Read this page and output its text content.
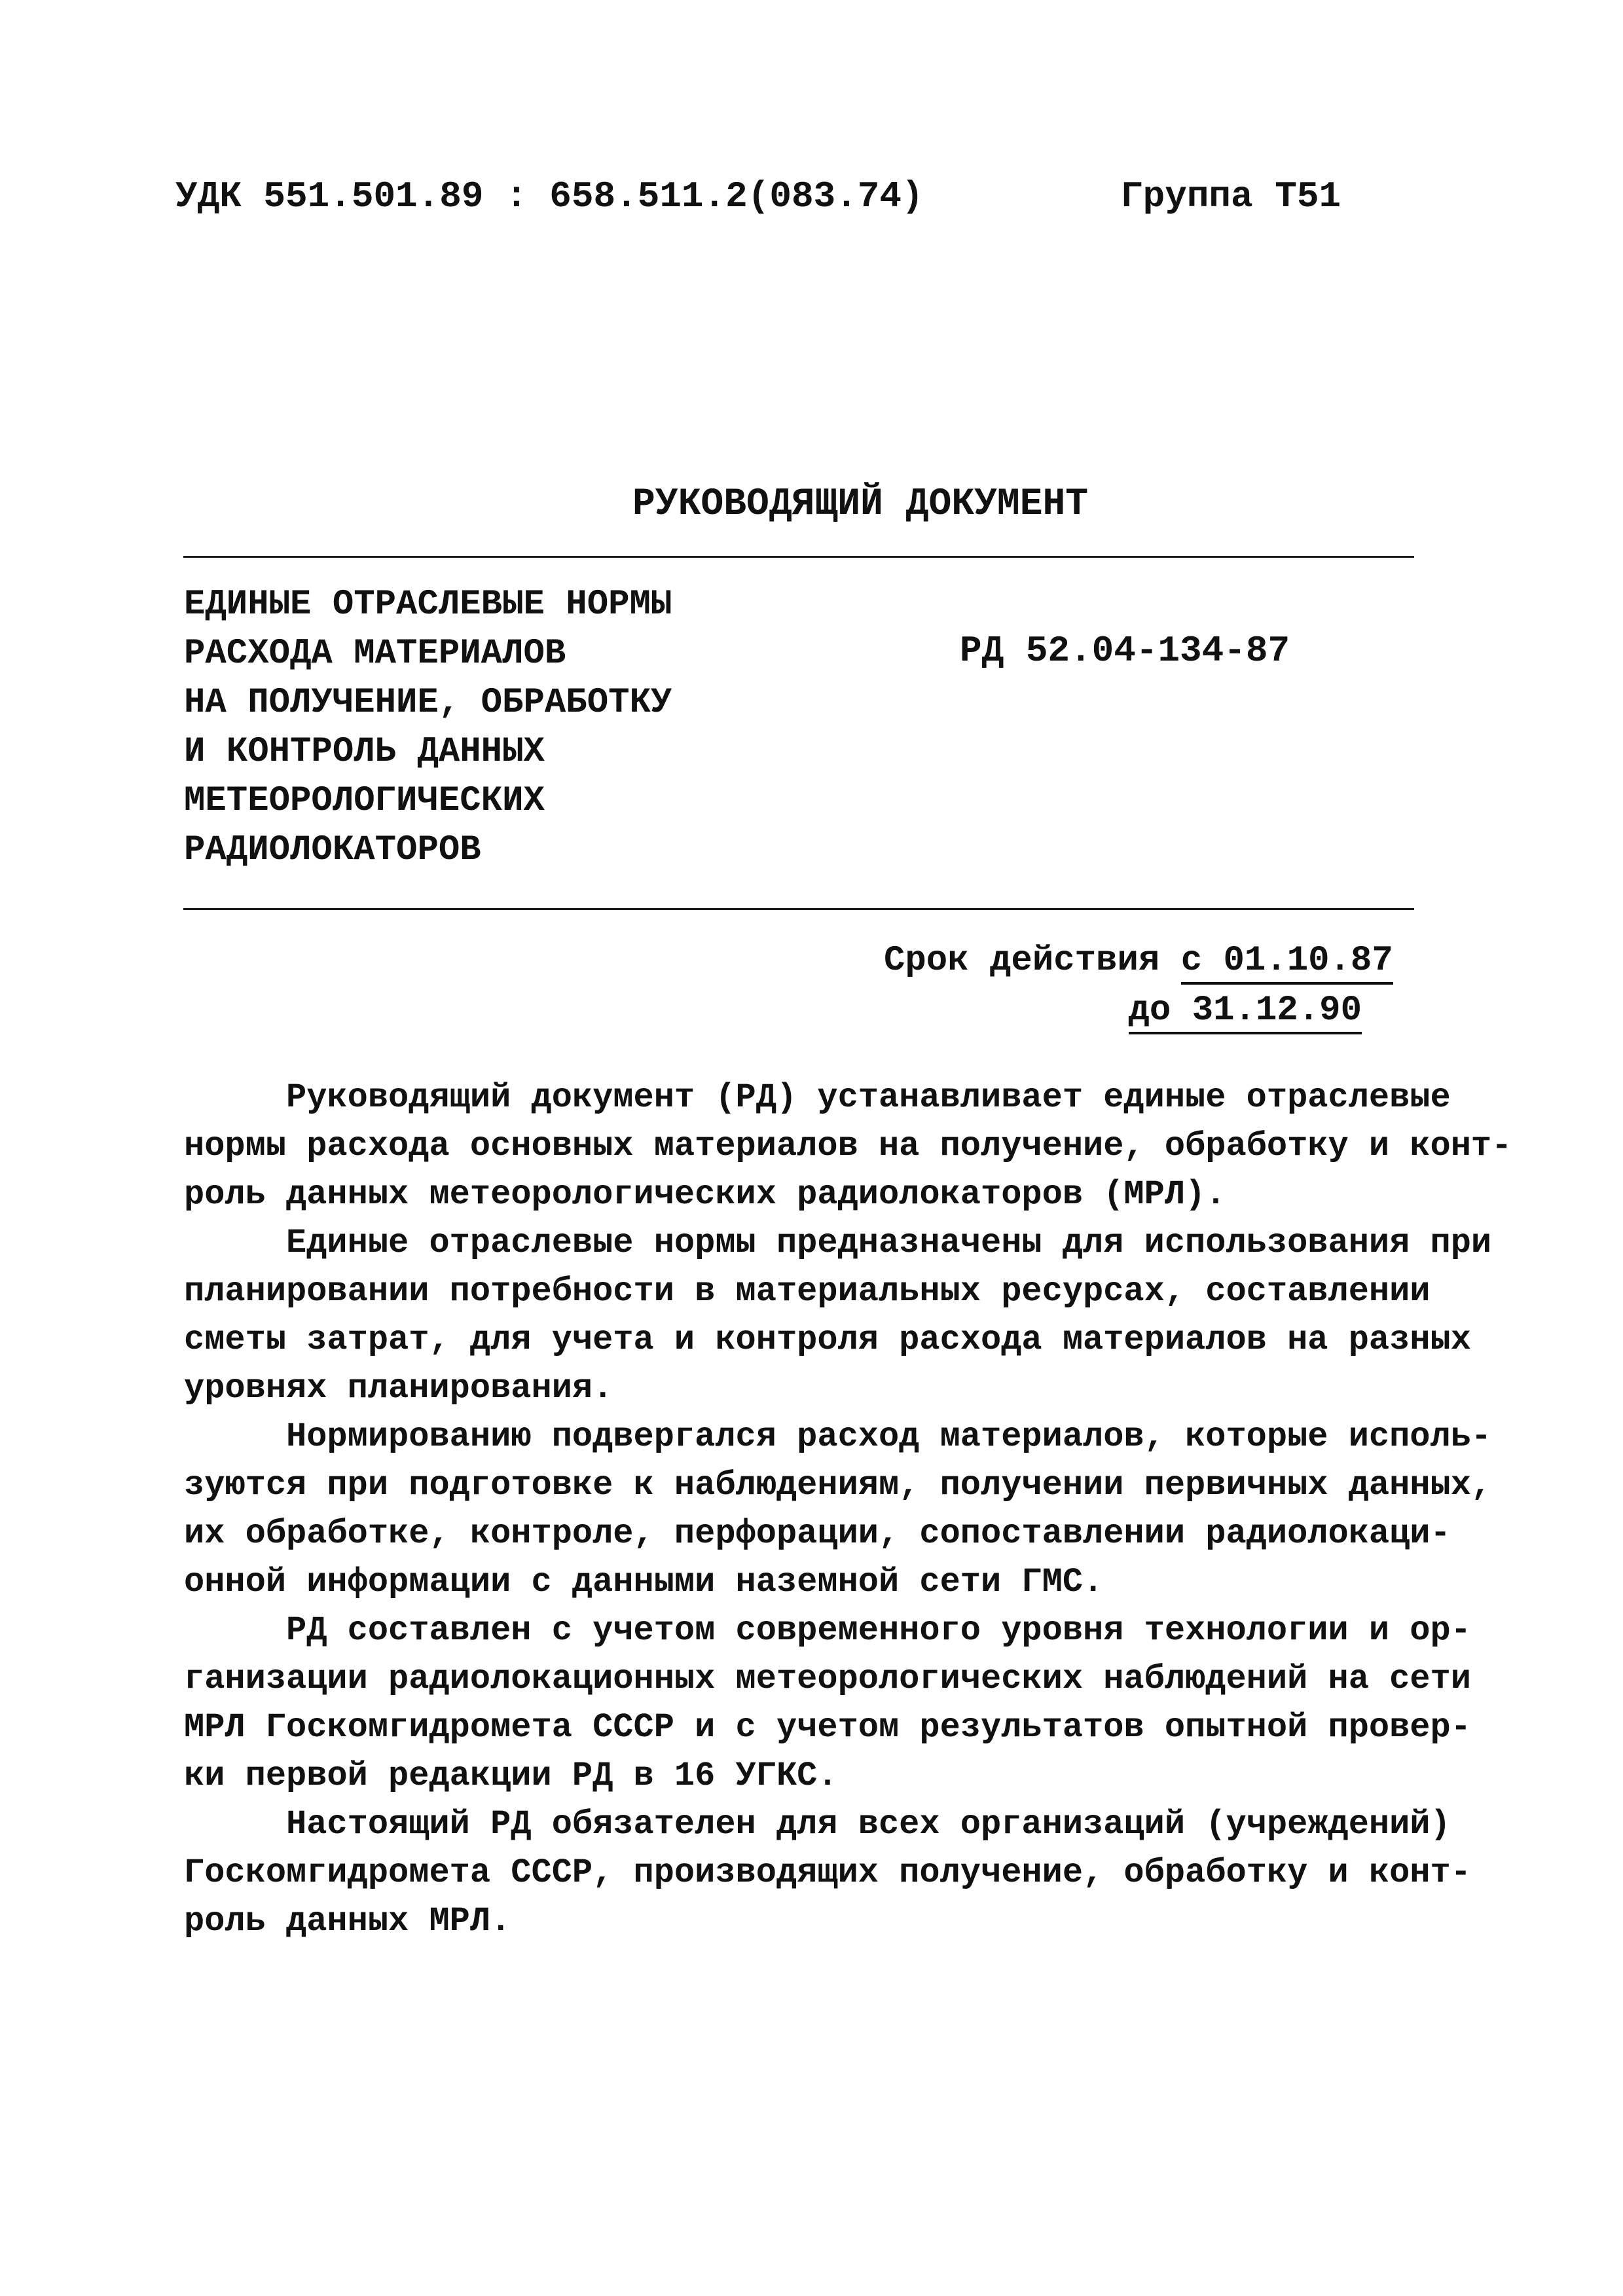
УДК 551.501.89 : 658.511.2(083.74)	Группа Т51
РУКОВОДЯЩИЙ ДОКУМЕНТ
ЕДИНЫЕ ОТРАСЛЕВЫЕ НОРМЫ
РАСХОДА МАТЕРИАЛОВ
НА ПОЛУЧЕНИЕ, ОБРАБОТКУ
И КОНТРОЛЬ ДАННЫХ
МЕТЕОРОЛОГИЧЕСКИХ
РАДИОЛОКАТОРОВ
РД 52.04-134-87
Срок действия с 01.10.87
до 31.12.90
Руководящий документ (РД) устанавливает единые отраслевые
нормы расхода основных материалов на получение, обработку и конт-
роль данных метеорологических радиолокаторов (МРЛ).
Единые отраслевые нормы предназначены для использования при
планировании потребности в материальных ресурсах, составлении
сметы затрат, для учета и контроля расхода материалов на разных
уровнях планирования.
Нормированию подвергался расход материалов, которые исполь-
зуются при подготовке к наблюдениям, получении первичных данных,
их обработке, контроле, перфорации, сопоставлении радиолокаци-
онной информации с данными наземной сети ГМС.
РД составлен с учетом современного уровня технологии и ор-
ганизации радиолокационных метеорологических наблюдений на сети
МРЛ Госкомгидромета СССР и с учетом результатов опытной провер-
ки первой редакции РД в 16 УГКС.
Настоящий РД обязателен для всех организаций (учреждений)
Госкомгидромета СССР, производящих получение, обработку и конт-
роль данных МРЛ.
